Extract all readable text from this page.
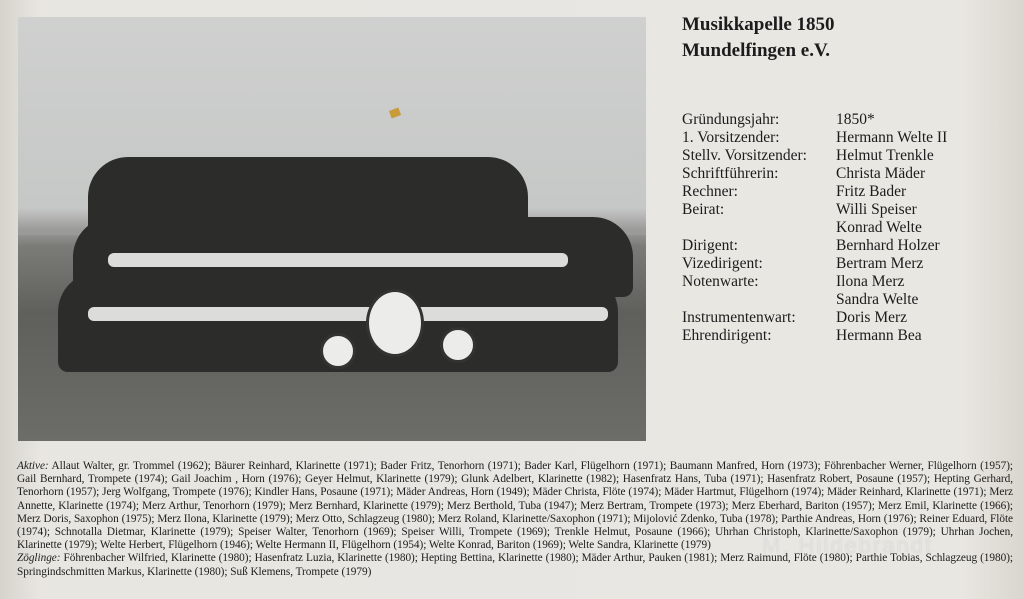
Musikkapelle 1850
Mundelfingen e.V.
Gründungsjahr:	1850*
1. Vorsitzender:	Hermann Welte II
Stellv. Vorsitzender:	Helmut Trenkle
Schriftführerin:	Christa Mäder
Rechner:	Fritz Bader
Beirat:	Willi Speiser
Konrad Welte
Dirigent:	Bernhard Holzer
Vizedirigent:	Bertram Merz
Notenwarte:	Ilona Merz
Sandra Welte
Instrumentenwart:	Doris Merz
Ehrendirigent:	Hermann Bea
Aktive: Allaut Walter, gr. Trommel (1962); Bäurer Reinhard, Klarinette (1971); Bader Fritz, Tenorhorn (1971); Bader Karl, Flügelhorn (1971); Baumann Manfred, Horn (1973); Föhrenbacher Werner, Flügelhorn (1957); Gail Bernhard, Trompete (1974); Gail Joachim , Horn (1976); Geyer Helmut, Klarinette (1979); Glunk Adelbert, Klarinette (1982); Hasenfratz Hans, Tuba (1971); Hasenfratz Robert, Posaune (1957); Hepting Gerhard, Tenorhorn (1957); Jerg Wolfgang, Trompete (1976); Kindler Hans, Posaune (1971); Mäder Andreas, Horn (1949); Mäder Christa, Flöte (1974); Mäder Hartmut, Flügelhorn (1974); Mäder Reinhard, Klarinette (1971); Merz Annette, Klarinette (1974); Merz Arthur, Tenorhorn (1979); Merz Bernhard, Klarinette (1979); Merz Berthold, Tuba (1947); Merz Bertram, Trompete (1973); Merz Eberhard, Bariton (1957); Merz Emil, Klarinette (1966); Merz Doris, Saxophon (1975); Merz Ilona, Klarinette (1979); Merz Otto, Schlagzeug (1980); Merz Roland, Klarinette/Saxophon (1971); Mijolović Zdenko, Tuba (1978); Parthie Andreas, Horn (1976); Reiner Eduard, Flöte (1974); Schnotalla Dietmar, Klarinette (1979); Speiser Walter, Tenorhorn (1969); Speiser Willi, Trompete (1969); Trenkle Helmut, Posaune (1966); Uhrhan Christoph, Klarinette/Saxophon (1979); Uhrhan Jochen, Klarinette (1979); Welte Herbert, Flügelhorn (1946); Welte Hermann II, Flügelhorn (1954); Welte Konrad, Bariton (1969); Welte Sandra, Klarinette (1979)
Zöglinge: Föhrenbacher Wilfried, Klarinette (1980); Hasenfratz Luzia, Klarinette (1980); Hepting Bettina, Klarinette (1980); Mäder Arthur, Pauken (1981); Merz Raimund, Flöte (1980); Parthie Tobias, Schlagzeug (1980); Springindschmitten Markus, Klarinette (1980); Suß Klemens, Trompete (1979)
M. Hildebrandt
